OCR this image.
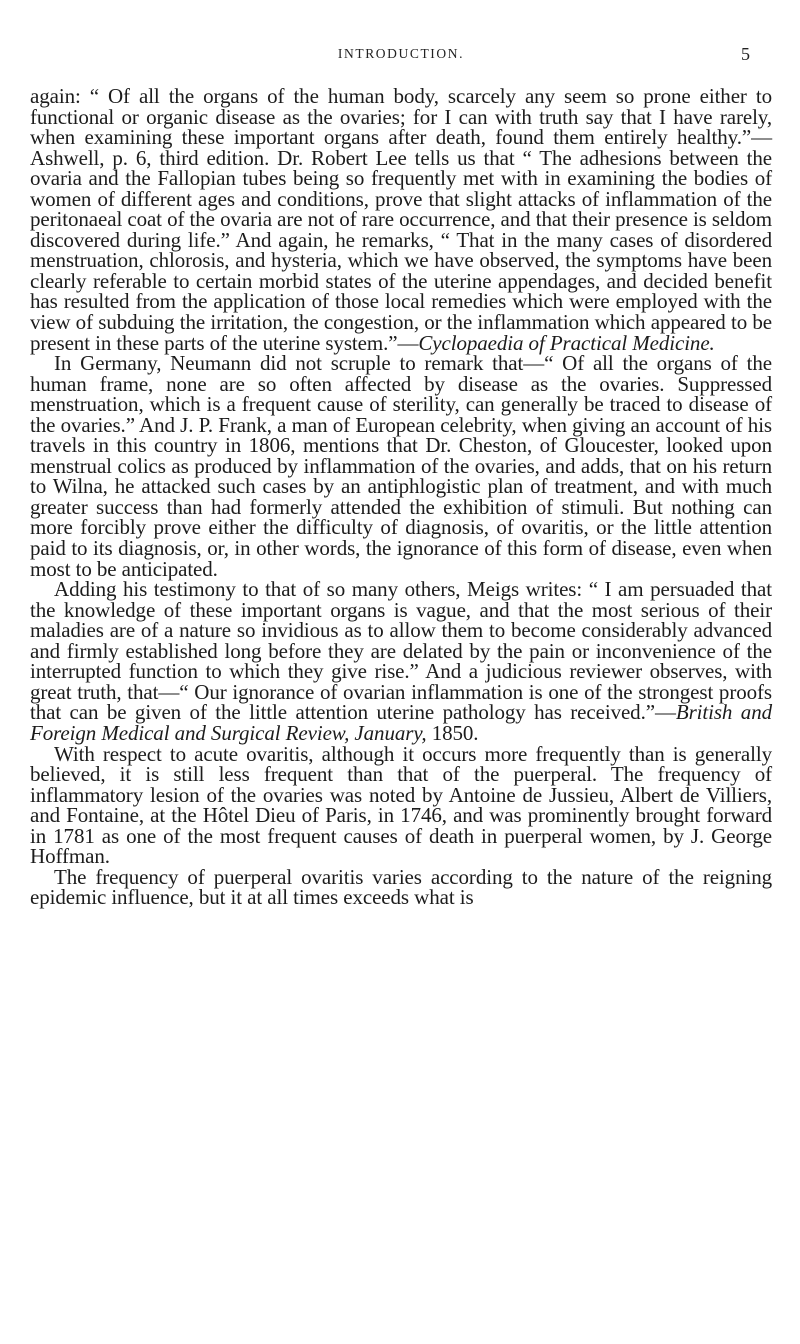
INTRODUCTION.	5

again: “ Of all the organs of the human body, scarcely any seem so prone either to functional or organic disease as the ovaries; for I can with truth say that I have rarely, when examining these important organs after death, found them entirely healthy.”—Ashwell, p. 6, third edition. Dr. Robert Lee tells us that “ The adhesions between the ovaria and the Fallopian tubes being so frequently met with in examining the bodies of women of different ages and conditions, prove that slight attacks of inflammation of the peritonaeal coat of the ovaria are not of rare occurrence, and that their presence is seldom discovered during life.” And again, he remarks, “ That in the many cases of disordered menstruation, chlorosis, and hysteria, which we have observed, the symptoms have been clearly referable to certain morbid states of the uterine appendages, and decided benefit has resulted from the application of those local remedies which were employed with the view of subduing the irritation, the congestion, or the inflammation which appeared to be present in these parts of the uterine system.”—Cyclopaedia of Practical Medicine.

In Germany, Neumann did not scruple to remark that—“ Of all the organs of the human frame, none are so often affected by disease as the ovaries. Suppressed menstruation, which is a frequent cause of sterility, can generally be traced to disease of the ovaries.” And J. P. Frank, a man of European celebrity, when giving an account of his travels in this country in 1806, mentions that Dr. Cheston, of Gloucester, looked upon menstrual colics as produced by inflammation of the ovaries, and adds, that on his return to Wilna, he attacked such cases by an antiphlogistic plan of treatment, and with much greater success than had formerly attended the exhibition of stimuli. But nothing can more forcibly prove either the difficulty of diagnosis, of ovaritis, or the little attention paid to its diagnosis, or, in other words, the ignorance of this form of disease, even when most to be anticipated.

Adding his testimony to that of so many others, Meigs writes: “ I am persuaded that the knowledge of these important organs is vague, and that the most serious of their maladies are of a nature so invidious as to allow them to become considerably advanced and firmly established long before they are delated by the pain or inconvenience of the interrupted function to which they give rise.” And a judicious reviewer observes, with great truth, that—“ Our ignorance of ovarian inflammation is one of the strongest proofs that can be given of the little attention uterine pathology has received.”—British and Foreign Medical and Surgical Review, January, 1850.

With respect to acute ovaritis, although it occurs more frequently than is generally believed, it is still less frequent than that of the puerperal. The frequency of inflammatory lesion of the ovaries was noted by Antoine de Jussieu, Albert de Villiers, and Fontaine, at the Hôtel Dieu of Paris, in 1746, and was prominently brought forward in 1781 as one of the most frequent causes of death in puerperal women, by J. George Hoffman.

The frequency of puerperal ovaritis varies according to the nature of the reigning epidemic influence, but it at all times exceeds what is
